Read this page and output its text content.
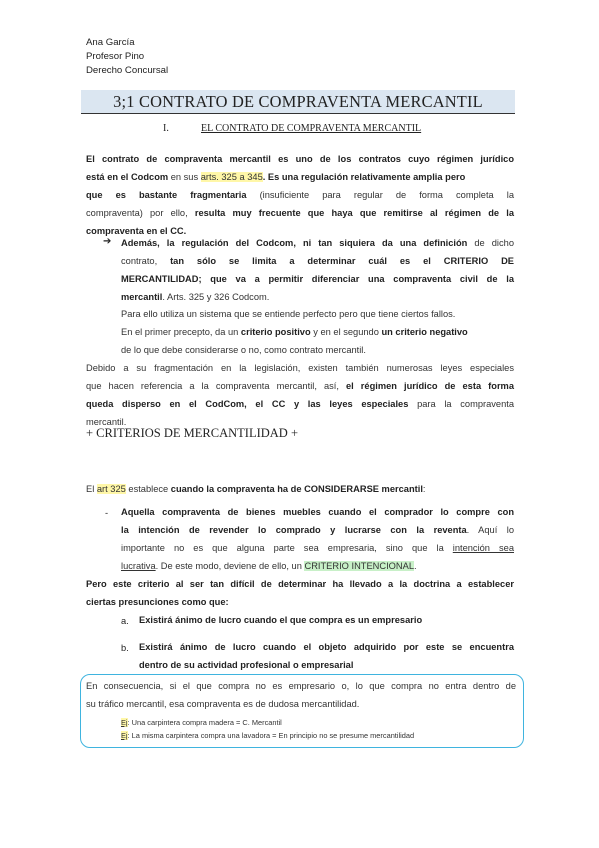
Ana García
Profesor Pino
Derecho Concursal
3;1 CONTRATO DE COMPRAVENTA MERCANTIL
I.	EL CONTRATO DE COMPRAVENTA MERCANTIL
El contrato de compraventa mercantil es uno de los contratos cuyo régimen jurídico
está en el Codcom en sus arts. 325 a 345. Es una regulación relativamente amplia pero
que es bastante fragmentaria (insuficiente para regular de forma completa la
compraventa) por ello, resulta muy frecuente que haya que remitirse al régimen de la
compraventa en el CC.
➔ Además, la regulación del Codcom, ni tan siquiera da una definición de dicho
contrato, tan sólo se limita a determinar cuál es el CRITERIO DE
MERCANTILIDAD; que va a permitir diferenciar una compraventa civil de la
mercantil. Arts. 325 y 326 Codcom.
Para ello utiliza un sistema que se entiende perfecto pero que tiene ciertos fallos.
En el primer precepto, da un criterio positivo y en el segundo un criterio negativo
de lo que debe considerarse o no, como contrato mercantil.
Debido a su fragmentación en la legislación, existen también numerosas leyes especiales
que hacen referencia a la compraventa mercantil, así, el régimen jurídico de esta forma
queda disperso en el CodCom, el CC y las leyes especiales para la compraventa
mercantil.
+ CRITERIOS DE MERCANTILIDAD +
El art 325 establece cuando la compraventa ha de CONSIDERARSE mercantil:
- Aquella compraventa de bienes muebles cuando el comprador lo compre con
la intención de revender lo comprado y lucrarse con la reventa. Aquí lo
importante no es que alguna parte sea empresaria, sino que la intención sea
lucrativa. De este modo, deviene de ello, un CRITERIO INTENCIONAL.
Pero este criterio al ser tan difícil de determinar ha llevado a la doctrina a establecer
ciertas presunciones como que:
a. Existirá ánimo de lucro cuando el que compra es un empresario
b. Existirá ánimo de lucro cuando el objeto adquirido por este se encuentra
dentro de su actividad profesional o empresarial
En consecuencia, si el que compra no es empresario o, lo que compra no entra dentro de
su tráfico mercantil, esa compraventa es de dudosa mercantilidad.
Ej: Una carpintera compra madera = C. Mercantil
Ej: La misma carpintera compra una lavadora = En principio no se presume mercantilidad
